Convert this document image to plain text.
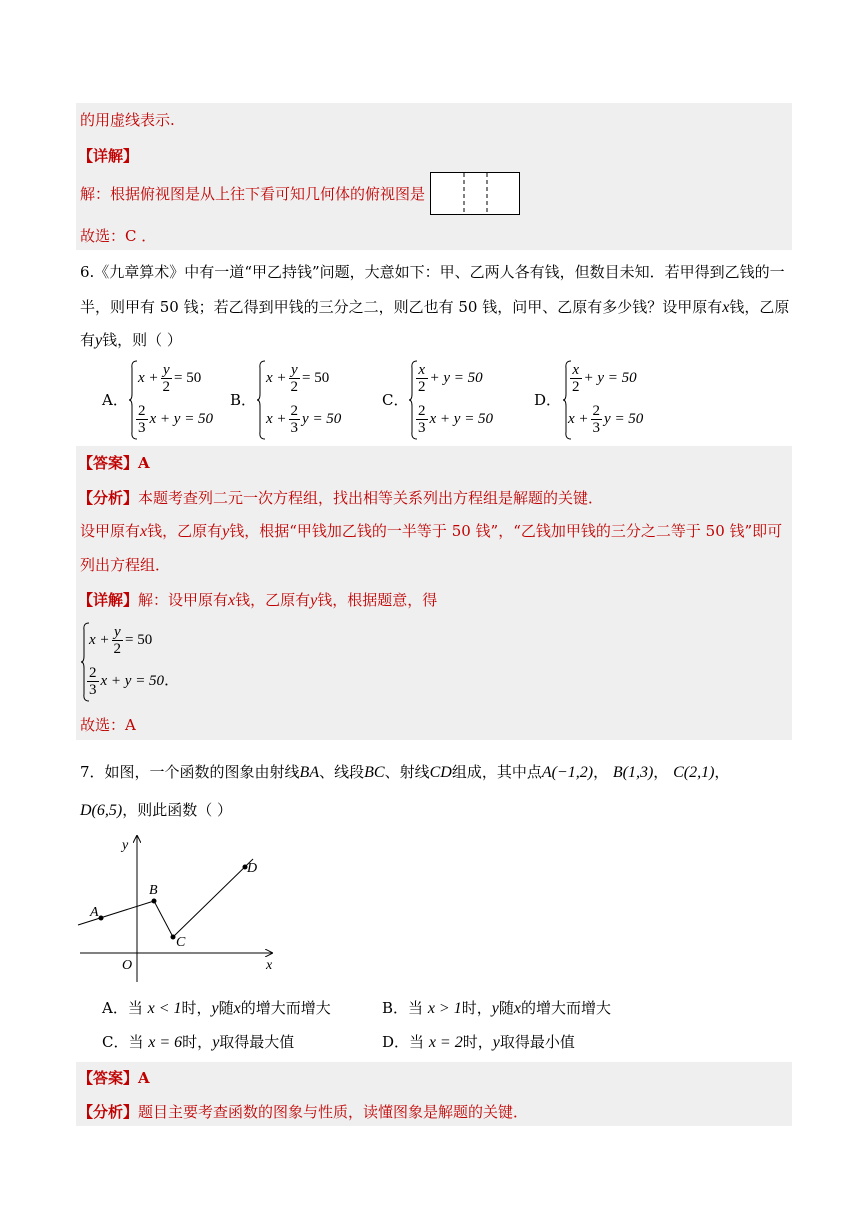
的用虚线表示.
【详解】
解：根据俯视图是从上往下看可知几何体的俯视图是
故选：C ．
6.《九章算术》中有一道“甲乙持钱”问题，大意如下：甲、乙两人各有钱，但数目未知．若甲得到乙钱的一
半，则甲有 50 钱；若乙得到甲钱的三分之二，则乙也有 50 钱，问甲、乙原有多少钱？设甲原有x钱，乙原
有y钱，则（ ）
A．
$x + \frac{y}{2} = 50$
$\frac{2}{3}$ x + y = 50
B．
$x + \frac{y}{2} = 50$
$x + \frac{2}{3}$ y = 50
C．
$\frac{x}{2} + y = 50$
$\frac{2}{3}$ x + y = 50
D．
$\frac{x}{2} + y = 50$
$x + \frac{2}{3}$ y = 50
【答案】A
【分析】本题考查列二元一次方程组，找出相等关系列出方程组是解题的关键．
设甲原有x钱，乙原有y钱，根据“甲钱加乙钱的一半等于 50 钱”，“乙钱加甲钱的三分之二等于 50 钱”即可
列出方程组．
【详解】解：设甲原有x钱，乙原有y钱，根据题意，得
$x + \frac{y}{2} = 50$
$\frac{2}{3}$ x + y = 50．
故选：A
7．如图，一个函数的图象由射线BA、线段BC、射线CD组成，其中点A(−1,2)， B(1,3)， C(2,1)，
D(6,5)，则此函数（ ）
y
x
O
A
B
C
D
A．当 x < 1时，y随x的增大而增大	B．当 x > 1时，y随x的增大而增大
C．当 x = 6时，y取得最大值	D．当 x = 2时，y取得最小值
【答案】A
【分析】题目主要考查函数的图象与性质，读懂图象是解题的关键．
